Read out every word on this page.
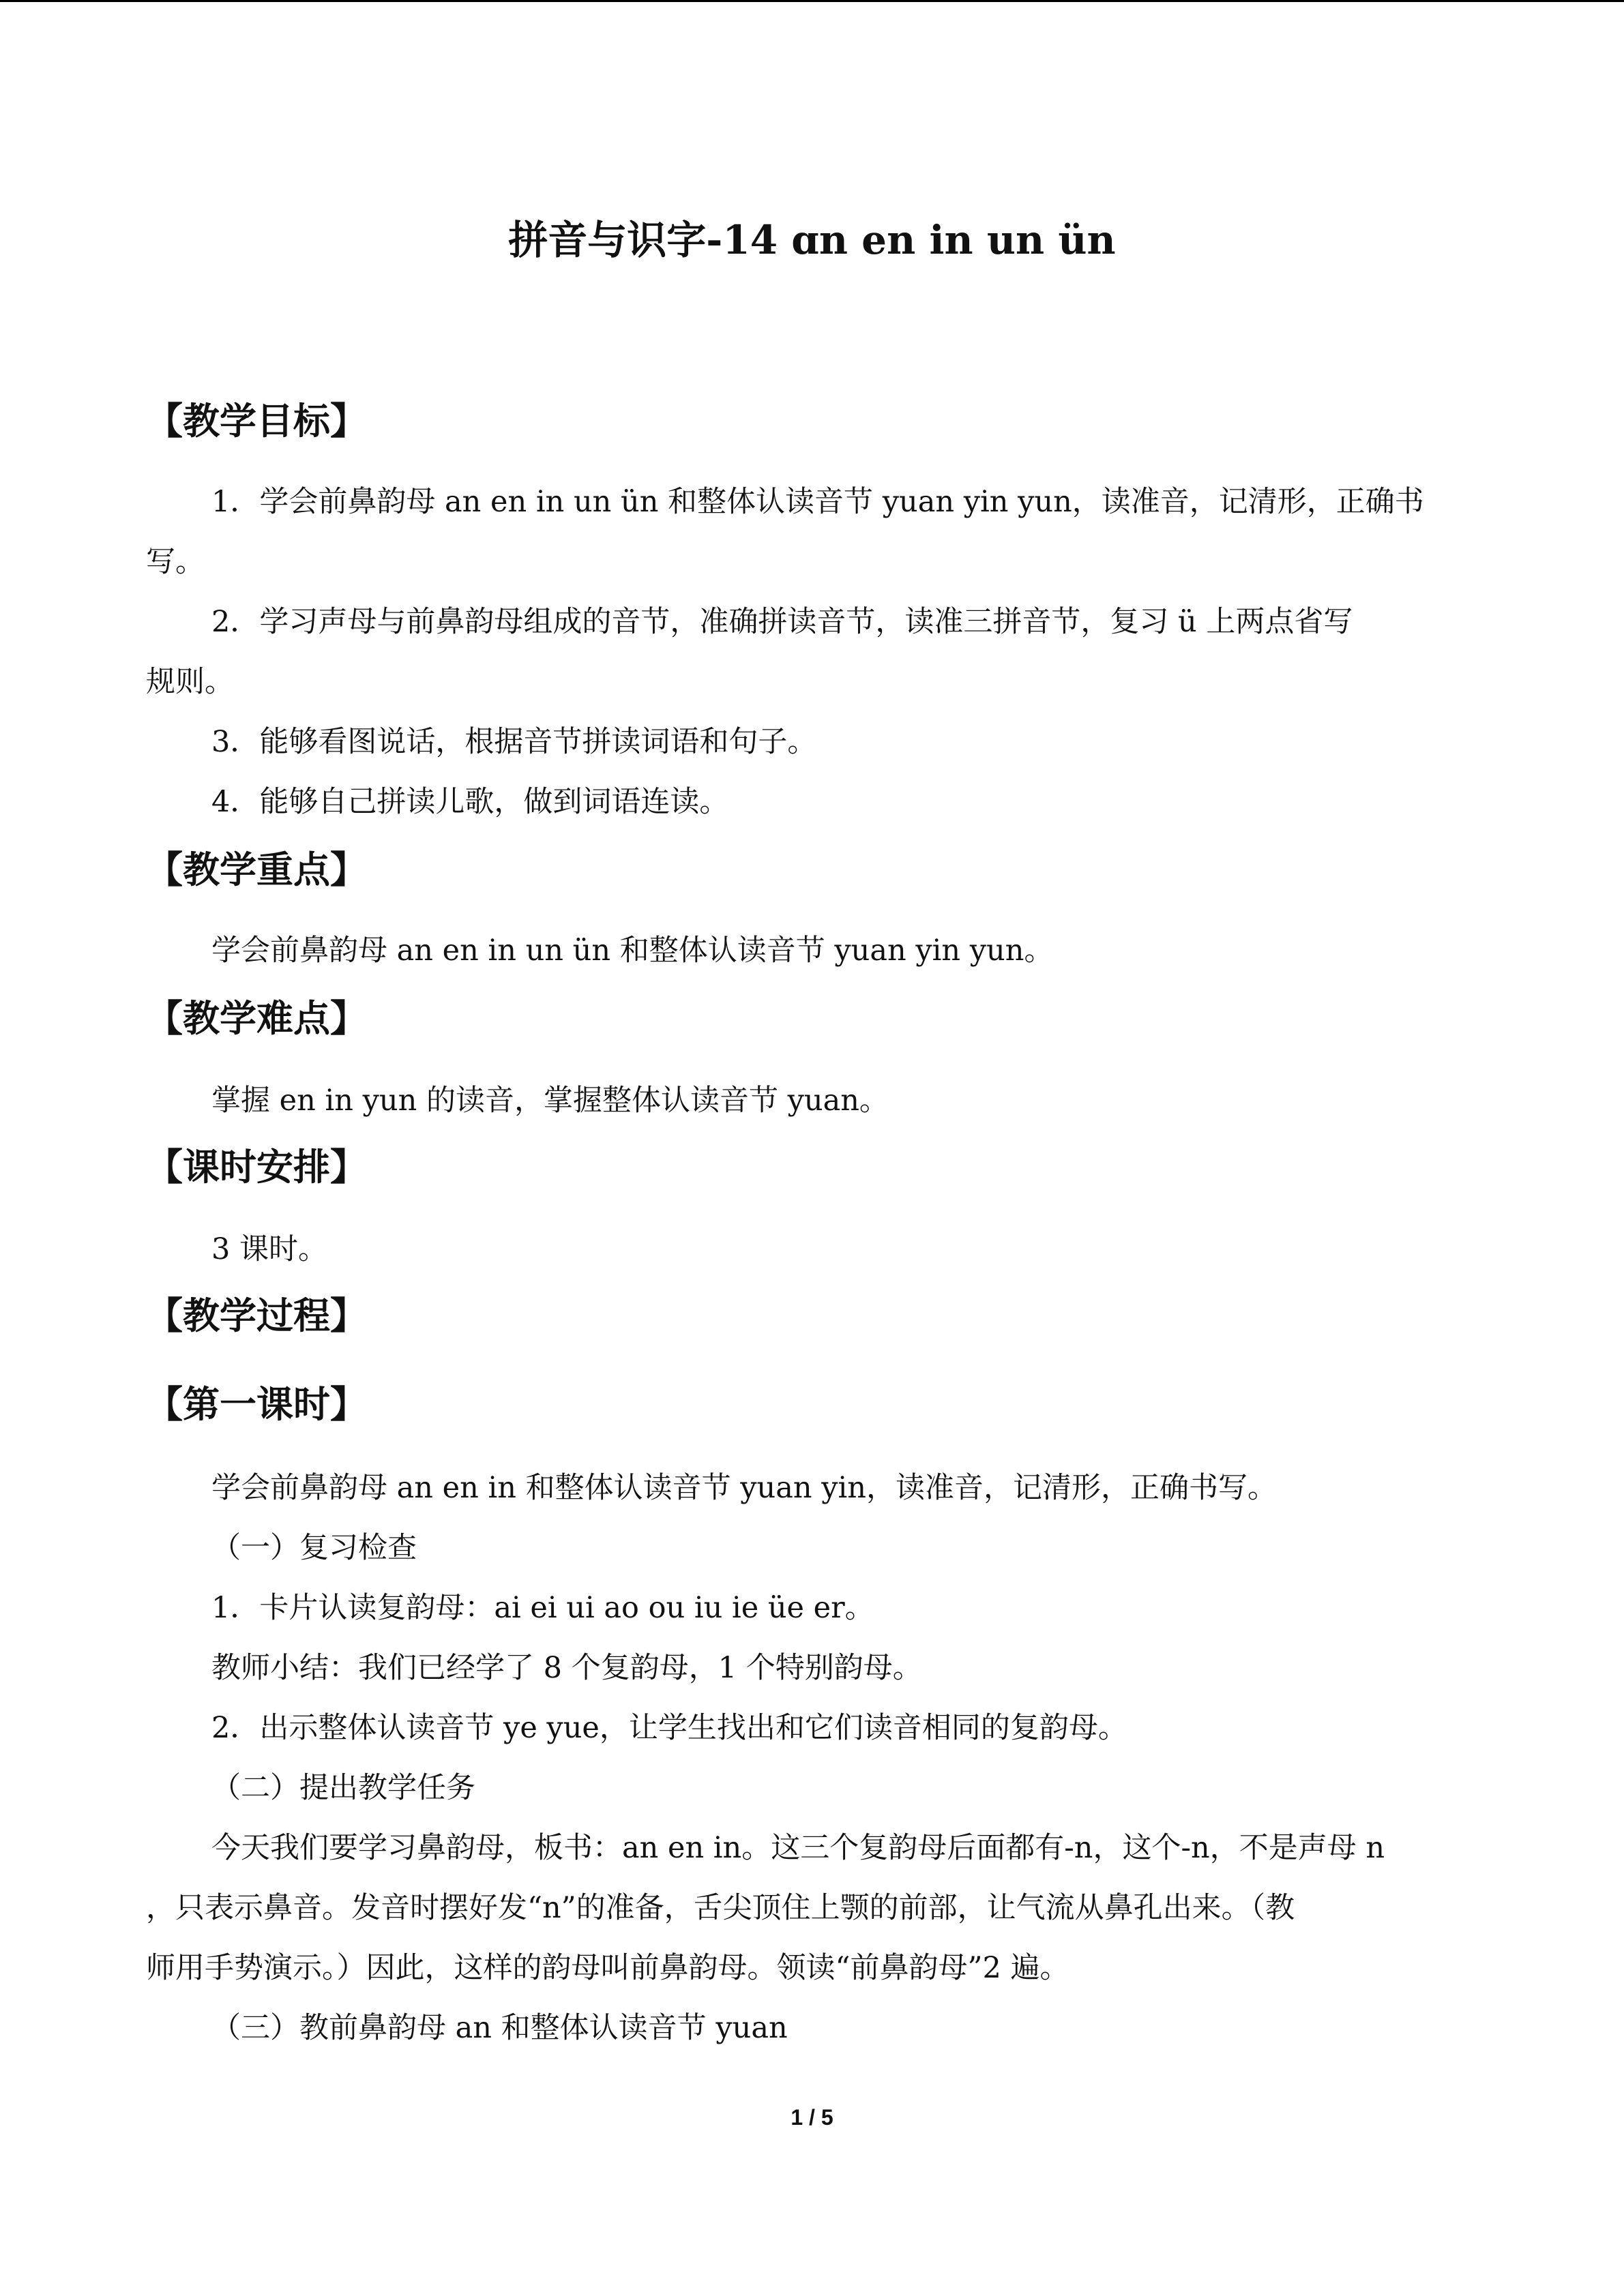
拼音与识字-14 ɑn en in un ün
【教学目标】
1．学会前鼻韵母 an en in un ün 和整体认读音节 yuan yin yun，读准音，记清形，正确书
写。
2．学习声母与前鼻韵母组成的音节，准确拼读音节，读准三拼音节，复习 ü 上两点省写
规则。
3．能够看图说话，根据音节拼读词语和句子。
4．能够自己拼读儿歌，做到词语连读。
【教学重点】
学会前鼻韵母 an en in un ün 和整体认读音节 yuan yin yun。
【教学难点】
掌握 en in yun 的读音，掌握整体认读音节 yuan。
【课时安排】
3 课时。
【教学过程】
【第一课时】
学会前鼻韵母 an en in 和整体认读音节 yuan yin，读准音，记清形，正确书写。
（一）复习检查
1．卡片认读复韵母：ai ei ui ao ou iu ie üe er。
教师小结：我们已经学了 8 个复韵母，1 个特别韵母。
2．出示整体认读音节 ye yue，让学生找出和它们读音相同的复韵母。
（二）提出教学任务
今天我们要学习鼻韵母，板书：an en in。这三个复韵母后面都有-n，这个-n，不是声母 n
，只表示鼻音。发音时摆好发“n”的准备，舌尖顶住上颚的前部，让气流从鼻孔出来。（教
师用手势演示。）因此，这样的韵母叫前鼻韵母。领读“前鼻韵母”2 遍。
（三）教前鼻韵母 an 和整体认读音节 yuan
1 / 5
